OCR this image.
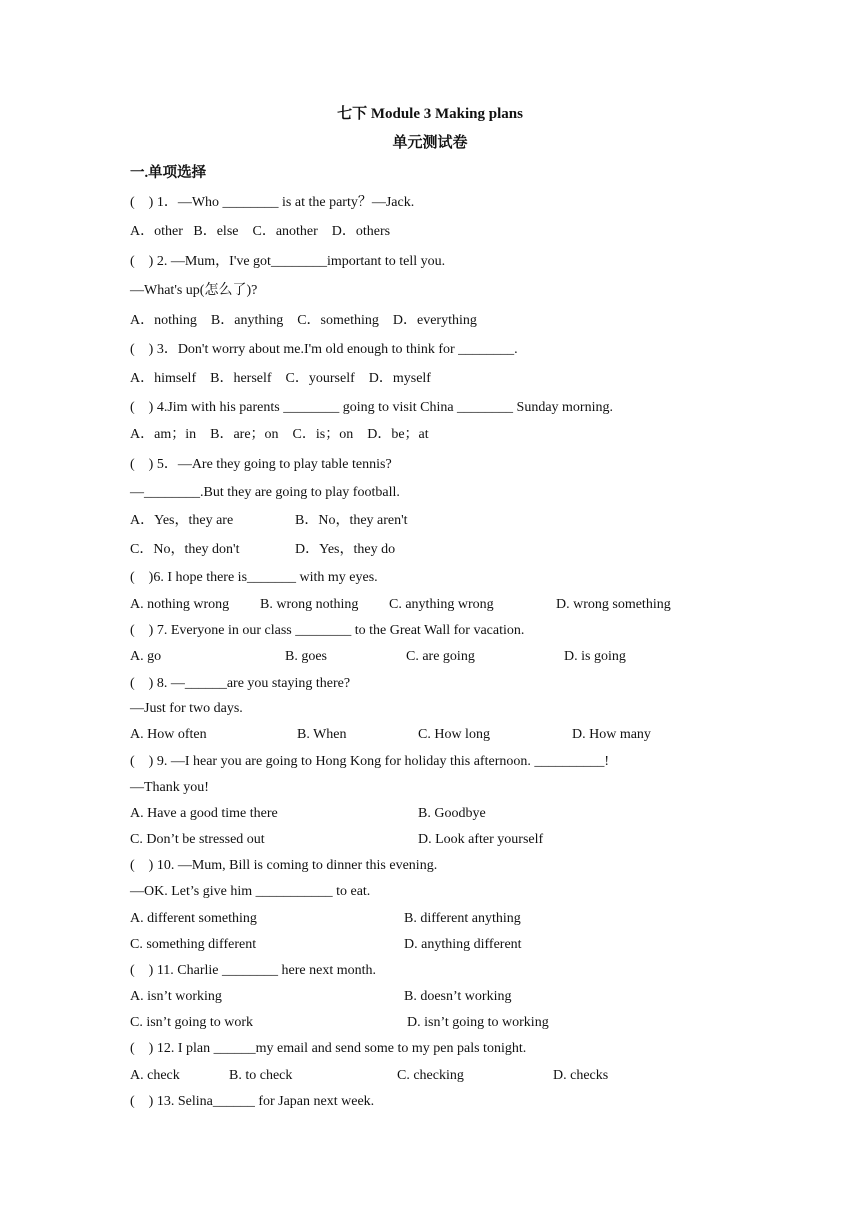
七下 Module 3 Making plans
单元测试卷
一.单项选择
(    ) 1．—Who ________ is at the party？—Jack.
A．other   B．else    C．another    D．others
(    ) 2. —Mum，I've got________important to tell you.
—What's up(怎么了)?
A．nothing    B．anything    C．something    D．everything
(    ) 3．Don't worry about me.I'm old enough to think for ________.
A．himself    B．herself    C．yourself    D．myself
(    ) 4.Jim with his parents ________ going to visit China ________ Sunday morning.
A．am；in    B．are；on    C．is；on    D．be；at
(    ) 5．—Are they going to play table tennis?
—________.But they are going to play football.
A．Yes，they are	B．No，they aren't
C．No，they don't	D．Yes，they do
(    )6. I hope there is_______ with my eyes.
A. nothing wrong B. wrong nothing C. anything wrong	D. wrong something
(    ) 7. Everyone in our class ________ to the Great Wall for vacation.
A. go	B. goes	C. are going	D. is going
(    ) 8. —______are you staying there?
—Just for two days.
A. How often	B. When	C. How long	D. How many
(    ) 9. —I hear you are going to Hong Kong for holiday this afternoon. __________!
—Thank you!
A. Have a good time there	B. Goodbye
C. Don’t be stressed out	D. Look after yourself
(    ) 10. —Mum, Bill is coming to dinner this evening.
—OK. Let’s give him ___________ to eat.
A. different something	B. different anything
C. something different	D. anything different
(    ) 11. Charlie ________ here next month.
A. isn’t working	B. doesn’t working
C. isn’t going to work	D. isn’t going to working
(    ) 12. I plan ______my email and send some to my pen pals tonight.
A. check	B. to check	C. checking	D. checks
(    ) 13. Selina______ for Japan next week.
